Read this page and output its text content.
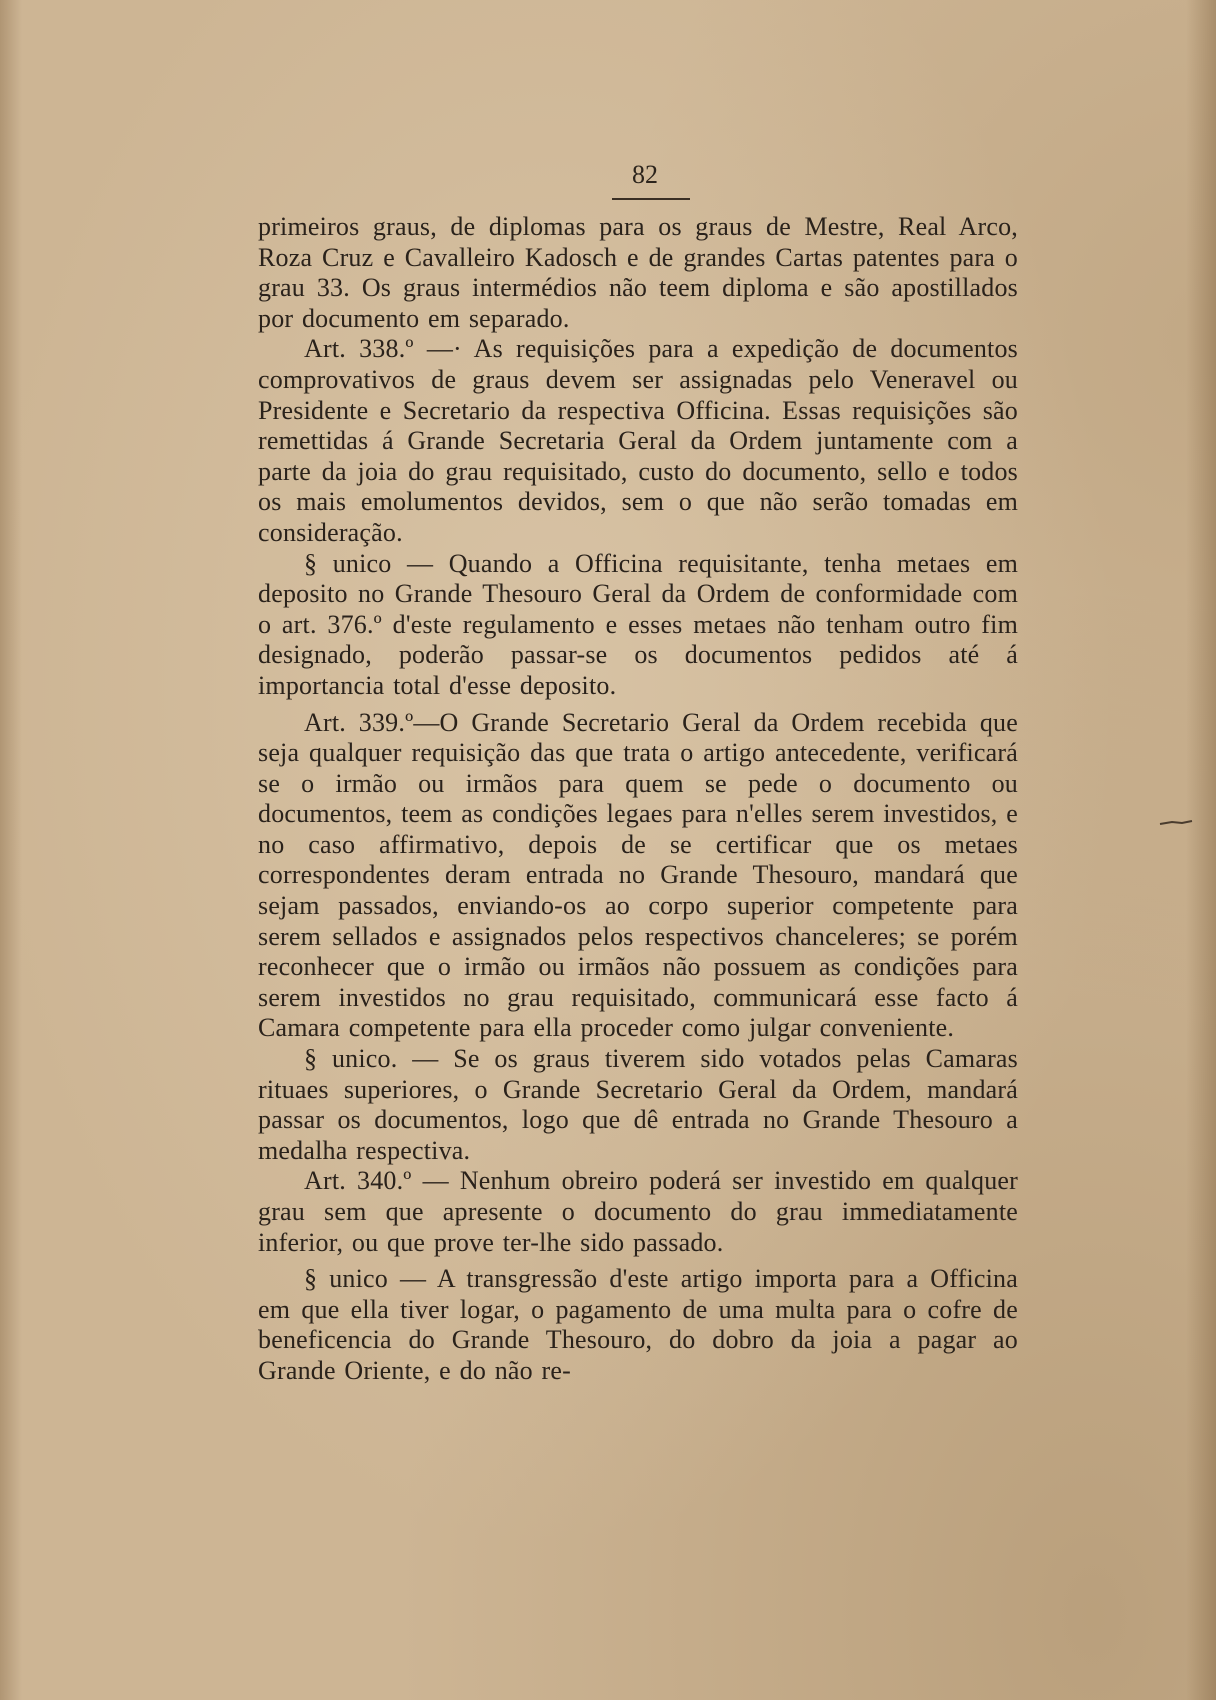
82

primeiros graus, de diplomas para os graus de Mestre, Real Arco, Roza Cruz e Cavalleiro Kadosch e de grandes Cartas patentes para o grau 33. Os graus intermédios não teem diploma e são apostillados por documento em separado.

Art. 338.º —· As requisições para a expedição de documentos comprovativos de graus devem ser assignadas pelo Veneravel ou Presidente e Secretario da respectiva Officina. Essas requisições são remettidas á Grande Secretaria Geral da Ordem juntamente com a parte da joia do grau requisitado, custo do documento, sello e todos os mais emolumentos devidos, sem o que não serão tomadas em consideração.

§ unico — Quando a Officina requisitante, tenha metaes em deposito no Grande Thesouro Geral da Ordem de conformidade com o art. 376.º d'este regulamento e esses metaes não tenham outro fim designado, poderão passar-se os documentos pedidos até á importancia total d'esse deposito.

Art. 339.º—O Grande Secretario Geral da Ordem recebida que seja qualquer requisição das que trata o artigo antecedente, verificará se o irmão ou irmãos para quem se pede o documento ou documentos, teem as condições legaes para n'elles serem investidos, e no caso affirmativo, depois de se certificar que os metaes correspondentes deram entrada no Grande Thesouro, mandará que sejam passados, enviando-os ao corpo superior competente para serem sellados e assignados pelos respectivos chanceleres; se porém reconhecer que o irmão ou irmãos não possuem as condições para serem investidos no grau requisitado, communicará esse facto á Camara competente para ella proceder como julgar conveniente.

§ unico. — Se os graus tiverem sido votados pelas Camaras rituaes superiores, o Grande Secretario Geral da Ordem, mandará passar os documentos, logo que dê entrada no Grande Thesouro a medalha respectiva.

Art. 340.º — Nenhum obreiro poderá ser investido em qualquer grau sem que apresente o documento do grau immediatamente inferior, ou que prove ter-lhe sido passado.

§ unico — A transgressão d'este artigo importa para a Officina em que ella tiver logar, o pagamento de uma multa para o cofre de beneficencia do Grande Thesouro, do dobro da joia a pagar ao Grande Oriente, e do não re-
